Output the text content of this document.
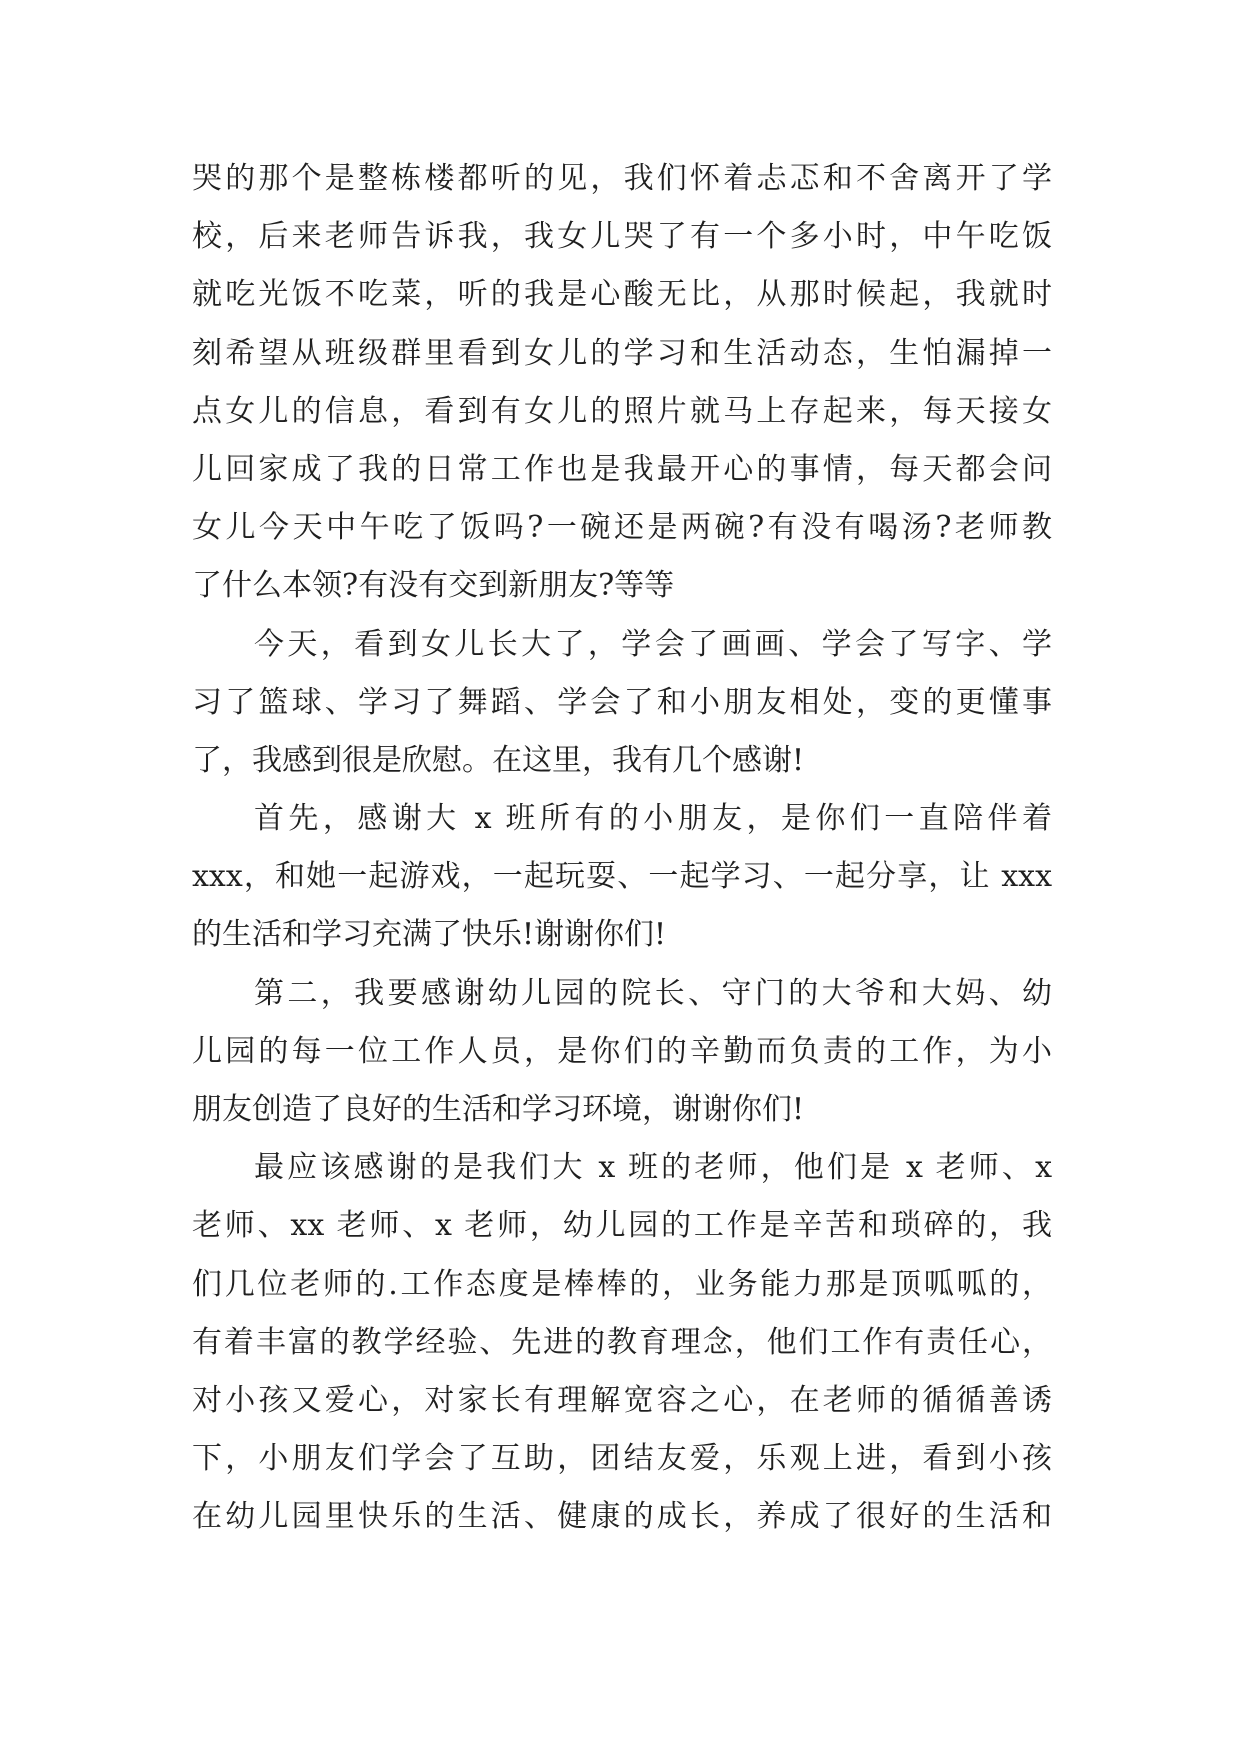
哭的那个是整栋楼都听的见，我们怀着忐忑和不舍离开了学
校，后来老师告诉我，我女儿哭了有一个多小时，中午吃饭
就吃光饭不吃菜，听的我是心酸无比，从那时候起，我就时
刻希望从班级群里看到女儿的学习和生活动态，生怕漏掉一
点女儿的信息，看到有女儿的照片就马上存起来，每天接女
儿回家成了我的日常工作也是我最开心的事情，每天都会问
女儿今天中午吃了饭吗?一碗还是两碗?有没有喝汤?老师教
了什么本领?有没有交到新朋友?等等
今天，看到女儿长大了，学会了画画、学会了写字、学
习了篮球、学习了舞蹈、学会了和小朋友相处，变的更懂事
了，我感到很是欣慰。在这里，我有几个感谢!
首先，感谢大 x 班所有的小朋友，是你们一直陪伴着
xxx，和她一起游戏，一起玩耍、一起学习、一起分享，让 xxx
的生活和学习充满了快乐!谢谢你们!
第二，我要感谢幼儿园的院长、守门的大爷和大妈、幼
儿园的每一位工作人员，是你们的辛勤而负责的工作，为小
朋友创造了良好的生活和学习环境，谢谢你们!
最应该感谢的是我们大 x 班的老师，他们是 x 老师、x
老师、xx 老师、x 老师，幼儿园的工作是辛苦和琐碎的，我
们几位老师的.工作态度是棒棒的，业务能力那是顶呱呱的，
有着丰富的教学经验、先进的教育理念，他们工作有责任心，
对小孩又爱心，对家长有理解宽容之心，在老师的循循善诱
下，小朋友们学会了互助，团结友爱，乐观上进，看到小孩
在幼儿园里快乐的生活、健康的成长，养成了很好的生活和
